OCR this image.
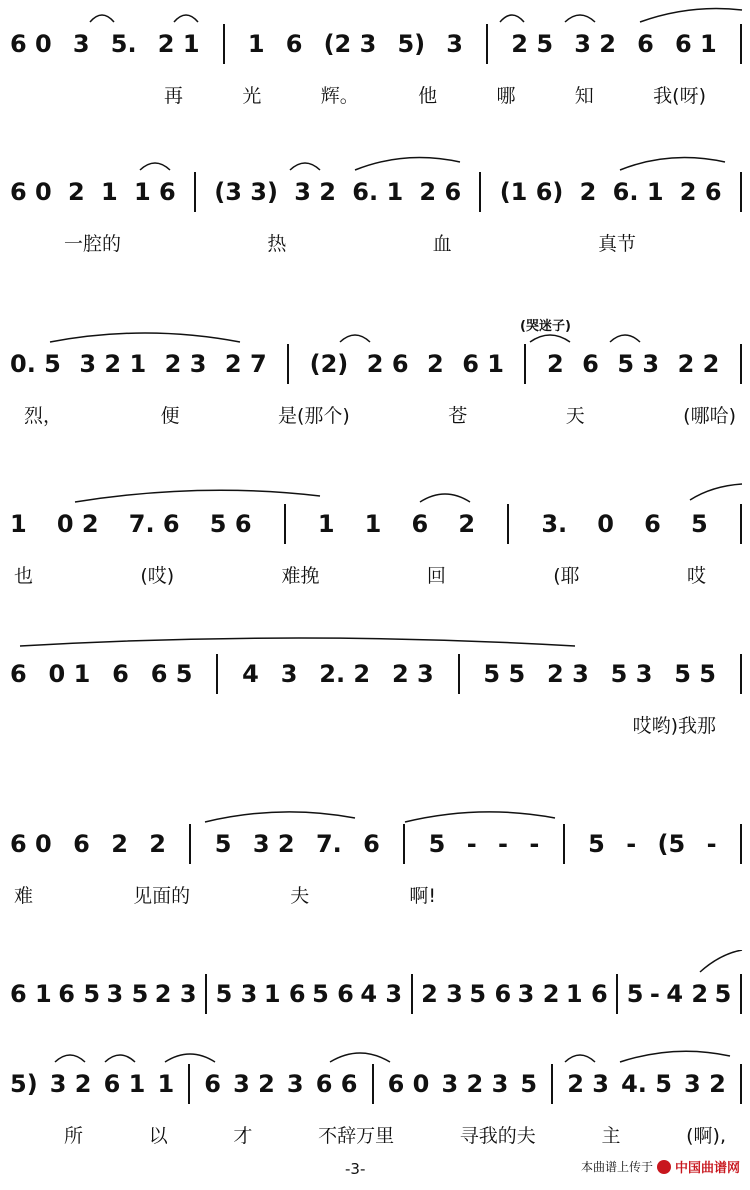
6 0 3 5. 2 1 1 6 (2 3 5) 3 2 5 3 2 6 6 1
再	光	辉。	他	哪	知	我(呀)
6 0 2 1 1 6 (3 3) 3 2 6. 1 2 6 (1 6) 2 6. 1 2 6
一腔的	热	血	真节
0. 5 3 2 1 2 3 2 7 (2) 2 6 2 6 1 2 6 5 3 2 2
烈，	便	是(那个)	苍	天	(哪哈)
(哭迷子)
1 0 2 7. 6 5 6	1 1 6 2	3. 0 6 5
也	(哎)	难挽	回	(耶	哎
6 0 1 6 6 5 4 3 2. 2 2 3 5 5 2 3 5 3 5 5
哎哟)我那
6 0 6 2 2 5 3 2 7. 6 5 - - - 5 - (5 -
难	见面的	夫	啊!
6 1 6 5 3 5 2 3 5 3 1 6 5 6 4 3 2 3 5 6 3 2 1 6 5 - 4 2 5
5) 3 2 6 1 1 6 3 2 3 6 6 6 0 3 2 3 5 2 3 4. 5 3 2
所	以	才	不辞万里	寻我的夫	主	(啊),
-3-	本曲谱上传于 中国曲谱网
